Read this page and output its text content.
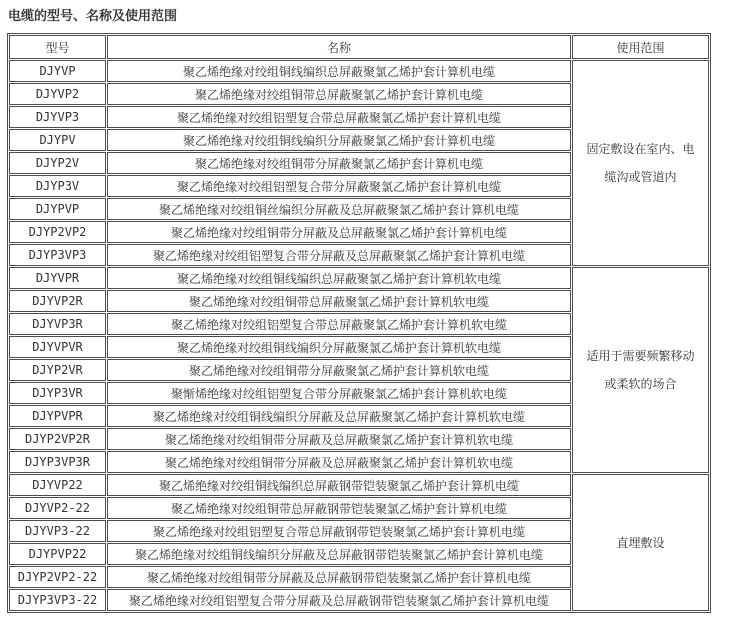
电缆的型号、名称及使用范围
型号	名称	使用范围
DJYVP	聚乙烯绝缘对绞组铜线编织总屏蔽聚氯乙烯护套计算机电缆	固定敷设在室内、电缆沟或管道内
DJYVP2	聚乙烯绝缘对绞组铜带总屏蔽聚氯乙烯护套计算机电缆	
DJYVP3	聚乙烯绝缘对绞组铝塑复合带总屏蔽聚氯乙烯护套计算机电缆	
DJYPV	聚乙烯绝缘对绞组铜线编织分屏蔽聚氯乙烯护套计算机电缆	
DJYP2V	聚乙烯绝缘对绞组铜带分屏蔽聚氯乙烯护套计算机电缆	
DJYP3V	聚乙烯绝缘对绞组铝塑复合带分屏蔽聚氯乙烯护套计算机电缆	
DJYPVP	聚乙烯绝缘对绞组铜丝编织分屏蔽及总屏蔽聚氯乙烯护套计算机电缆	
DJYP2VP2	聚乙烯绝缘对绞组铜带分屏蔽及总屏蔽聚氯乙烯护套计算机电缆	
DJYP3VP3	聚乙烯绝缘对绞组铝塑复合带分屏蔽及总屏蔽聚氯乙烯护套计算机电缆	
DJYVPR	聚乙烯绝缘对绞组铜线编织总屏蔽聚氯乙烯护套计算机软电缆	适用于需要频繁移动或柔软的场合
DJYVP2R	聚乙烯绝缘对绞组铜带总屏蔽聚氯乙烯护套计算机软电缆	
DJYVP3R	聚乙烯绝缘对绞组铝塑复合带总屏蔽聚氯乙烯护套计算机软电缆	
DJYVPVR	聚乙烯绝缘对绞组铜线编织分屏蔽聚氯乙烯护套计算机软电缆	
DJYP2VR	聚乙烯绝缘对绞组铜带分屏蔽聚氯乙烯护套计算机软电缆	
DJYP3VR	聚惭烯绝缘对绞组铝塑复合带分屏蔽聚氯乙烯护套计算机软电缆	
DJYPVPR	聚乙烯绝缘对绞组铜线编织分屏蔽及总屏蔽聚氯乙烯护套计算机软电缆	
DJYP2VP2R	聚乙烯绝缘对绞组铜带分屏蔽及总屏蔽聚氯乙烯护套计算机软电缆	
DJYP3VP3R	聚乙烯绝缘对绞组铜带分屏蔽及总屏蔽聚氯乙烯护套计算机软电缆	
DJYVP22	聚乙烯绝缘对绞组铜线编织总屏蔽钢带铠装聚氯乙烯护套计算机电缆	直埋敷设
DJYVP2-22	聚乙烯绝缘对绞组铜带总屏蔽钢带铠装聚氯乙烯护套计算机电缆	
DJYVP3-22	聚乙烯绝缘对绞组铝塑复合带总屏蔽钢带铠装聚氯乙烯护套计算机电缆	
DJYPVP22	聚乙烯绝缘对绞组铜线编织分屏蔽及总屏蔽钢带铠装聚氯乙烯护套计算机电缆	
DJYP2VP2-22	聚乙烯绝缘对绞组铜带分屏蔽及总屏蔽钢带铠装聚氯乙烯护套计算机电缆	
DJYP3VP3-22	聚乙烯绝缘对绞组铝塑复合带分屏蔽及总屏蔽钢带铠装聚氯乙烯护套计算机电缆	
